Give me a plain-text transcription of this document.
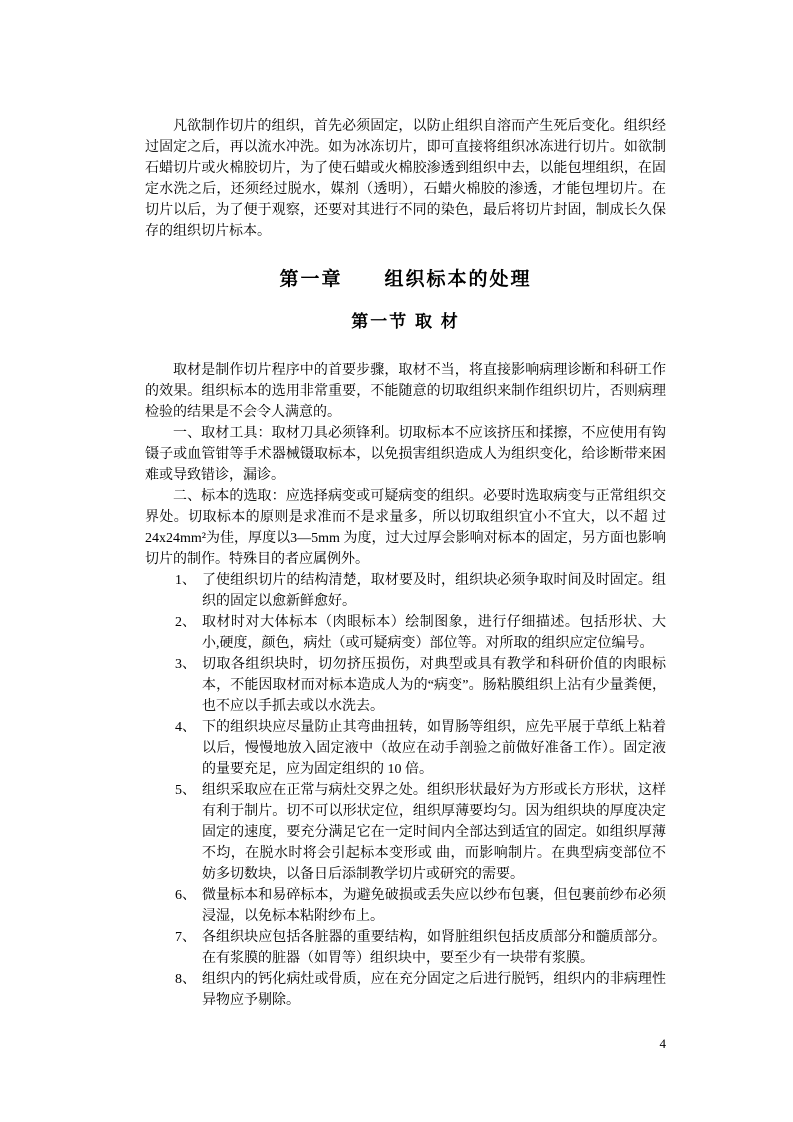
凡欲制作切片的组织，首先必须固定，以防止组织自溶而产生死后变化。组织经过固定之后，再以流水冲洗。如为冰冻切片，即可直接将组织冰冻进行切片。如欲制石蜡切片或火棉胶切片，为了使石蜡或火棉胶渗透到组织中去，以能包埋组织，在固定水洗之后，还须经过脱水，媒剂（透明），石蜡火棉胶的渗透，才能包埋切片。在切片以后，为了便于观察，还要对其进行不同的染色，最后将切片封固，制成长久保存的组织切片标本。

第一章　　组织标本的处理
第一节 取 材

取材是制作切片程序中的首要步骤，取材不当，将直接影响病理诊断和科研工作的效果。组织标本的选用非常重要，不能随意的切取组织来制作组织切片，否则病理检验的结果是不会令人满意的。

一、取材工具：取材刀具必须锋利。切取标本不应该挤压和揉擦，不应使用有钩镊子或血管钳等手术器械镊取标本，以免损害组织造成人为组织变化，给诊断带来困难或导致错诊，漏诊。

二、标本的选取：应选择病变或可疑病变的组织。必要时选取病变与正常组织交界处。切取标本的原则是求准而不是求量多，所以切取组织宜小不宜大，以不超 过24x24mm²为佳，厚度以3—5mm 为度，过大过厚会影响对标本的固定，另方面也影响切片的制作。特殊目的者应属例外。

1、 了使组织切片的结构清楚，取材要及时，组织块必须争取时间及时固定。组织的固定以愈新鲜愈好。
2、 取材时对大体标本（肉眼标本）绘制图象，进行仔细描述。包括形状、大小,硬度，颜色，病灶（或可疑病变）部位等。对所取的组织应定位编号。
3、 切取各组织块时，切勿挤压损伤，对典型或具有教学和科研价值的肉眼标本，不能因取材而对标本造成人为的“病变”。肠粘膜组织上沾有少量粪便，也不应以手抓去或以水洗去。
4、 下的组织块应尽量防止其弯曲扭转，如胃肠等组织，应先平展于草纸上粘着以后，慢慢地放入固定液中（故应在动手剖验之前做好准备工作）。固定液的量要充足，应为固定组织的 10 倍。
5、 组织采取应在正常与病灶交界之处。组织形状最好为方形或长方形状，这样有利于制片。切不可以形状定位，组织厚薄要均匀。因为组织块的厚度决定固定的速度，要充分满足它在一定时间内全部达到适宜的固定。如组织厚薄不均，在脱水时将会引起标本变形或 曲，而影响制片。在典型病变部位不妨多切数块，以备日后添制教学切片或研究的需要。
6、 微量标本和易碎标本，为避免破损或丢失应以纱布包裹，但包裹前纱布必须浸湿，以免标本粘附纱布上。
7、 各组织块应包括各脏器的重要结构，如肾脏组织包括皮质部分和髓质部分。在有浆膜的脏器（如胃等）组织块中，要至少有一块带有浆膜。
8、 组织内的钙化病灶或骨质，应在充分固定之后进行脱钙，组织内的非病理性异物应予剔除。
4
